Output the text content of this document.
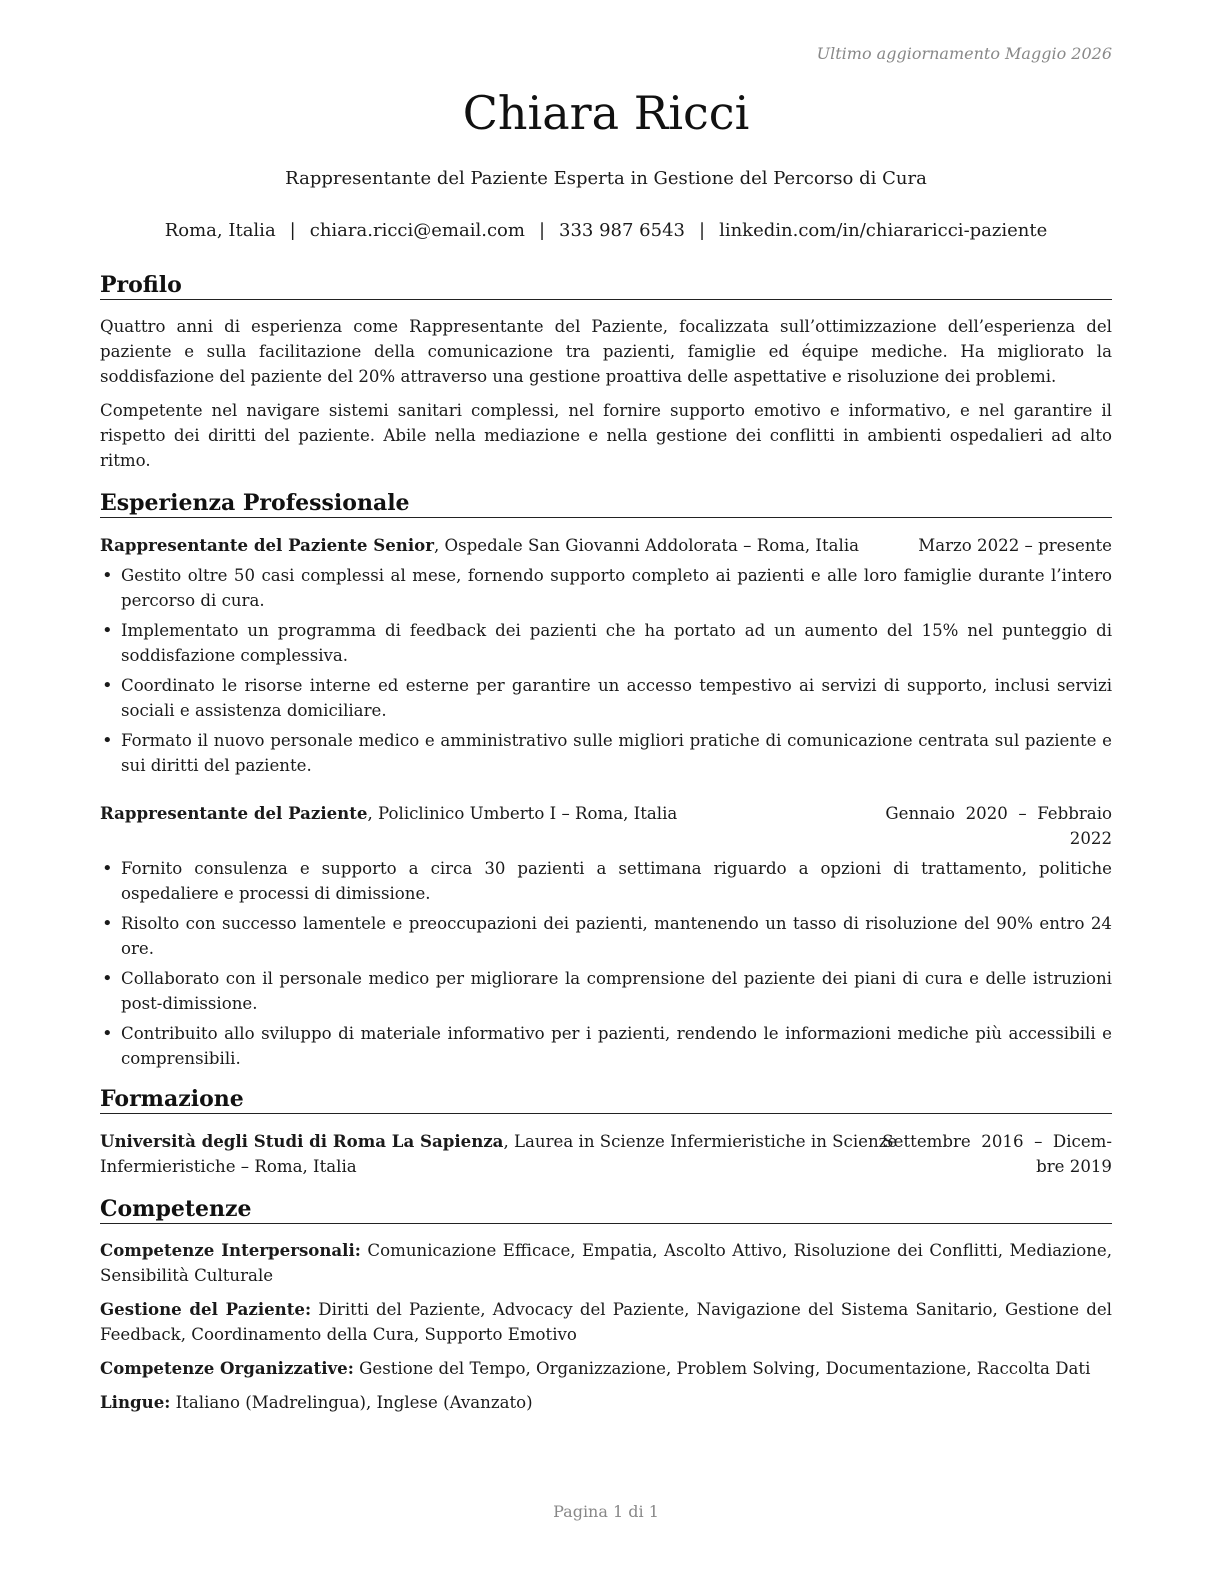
Ultimo aggiornamento Maggio 2026
Chiara Ricci
Rappresentante del Paziente Esperta in Gestione del Percorso di Cura
Roma, Italia | chiara.ricci@email.com | 333 987 6543 | linkedin.com/in/chiararicci-paziente
Profilo
Quattro anni di esperienza come Rappresentante del Paziente, focalizzata sull’ottimizzazione dell’esperienza del paziente e sulla facilitazione della comunicazione tra pazienti, famiglie ed équipe mediche. Ha migliorato la soddisfazione del paziente del 20% attraverso una gestione proattiva delle aspettative e risoluzione dei problemi.
Competente nel navigare sistemi sanitari complessi, nel fornire supporto emotivo e informativo, e nel garantire il rispetto dei diritti del paziente. Abile nella mediazione e nella gestione dei conflitti in ambienti ospedalieri ad alto ritmo.
Esperienza Professionale
Rappresentante del Paziente Senior, Ospedale San Giovanni Addolorata – Roma, Italia	Marzo 2022 – presente
• Gestito oltre 50 casi complessi al mese, fornendo supporto completo ai pazienti e alle loro famiglie durante l’intero percorso di cura.
• Implementato un programma di feedback dei pazienti che ha portato ad un aumento del 15% nel punteggio di soddisfazione complessiva.
• Coordinato le risorse interne ed esterne per garantire un accesso tempestivo ai servizi di supporto, inclusi servizi sociali e assistenza domiciliare.
• Formato il nuovo personale medico e amministrativo sulle migliori pratiche di comunicazione centrata sul paziente e sui diritti del paziente.
Rappresentante del Paziente, Policlinico Umberto I – Roma, Italia	Gennaio  2020  –  Febbraio
2022
• Fornito consulenza e supporto a circa 30 pazienti a settimana riguardo a opzioni di trattamento, politiche ospedaliere e processi di dimissione.
• Risolto con successo lamentele e preoccupazioni dei pazienti, mantenendo un tasso di risoluzione del 90% entro 24 ore.
• Collaborato con il personale medico per migliorare la comprensione del paziente dei piani di cura e delle istruzioni post-dimissione.
• Contribuito allo sviluppo di materiale informativo per i pazienti, rendendo le informazioni mediche più accessibili e comprensibili.
Formazione
Università degli Studi di Roma La Sapienza, Laurea in Scienze Infermieristiche in Scienze
Infermieristiche – Roma, Italia
Settembre  2016  –  Dicem-
bre 2019
Competenze
Competenze Interpersonali: Comunicazione Efficace, Empatia, Ascolto Attivo, Risoluzione dei Conflitti, Mediazione, Sensibilità Culturale
Gestione del Paziente: Diritti del Paziente, Advocacy del Paziente, Navigazione del Sistema Sanitario, Gestione del Feedback, Coordinamento della Cura, Supporto Emotivo
Competenze Organizzative: Gestione del Tempo, Organizzazione, Problem Solving, Documentazione, Raccolta Dati
Lingue: Italiano (Madrelingua), Inglese (Avanzato)
Pagina 1 di 1
